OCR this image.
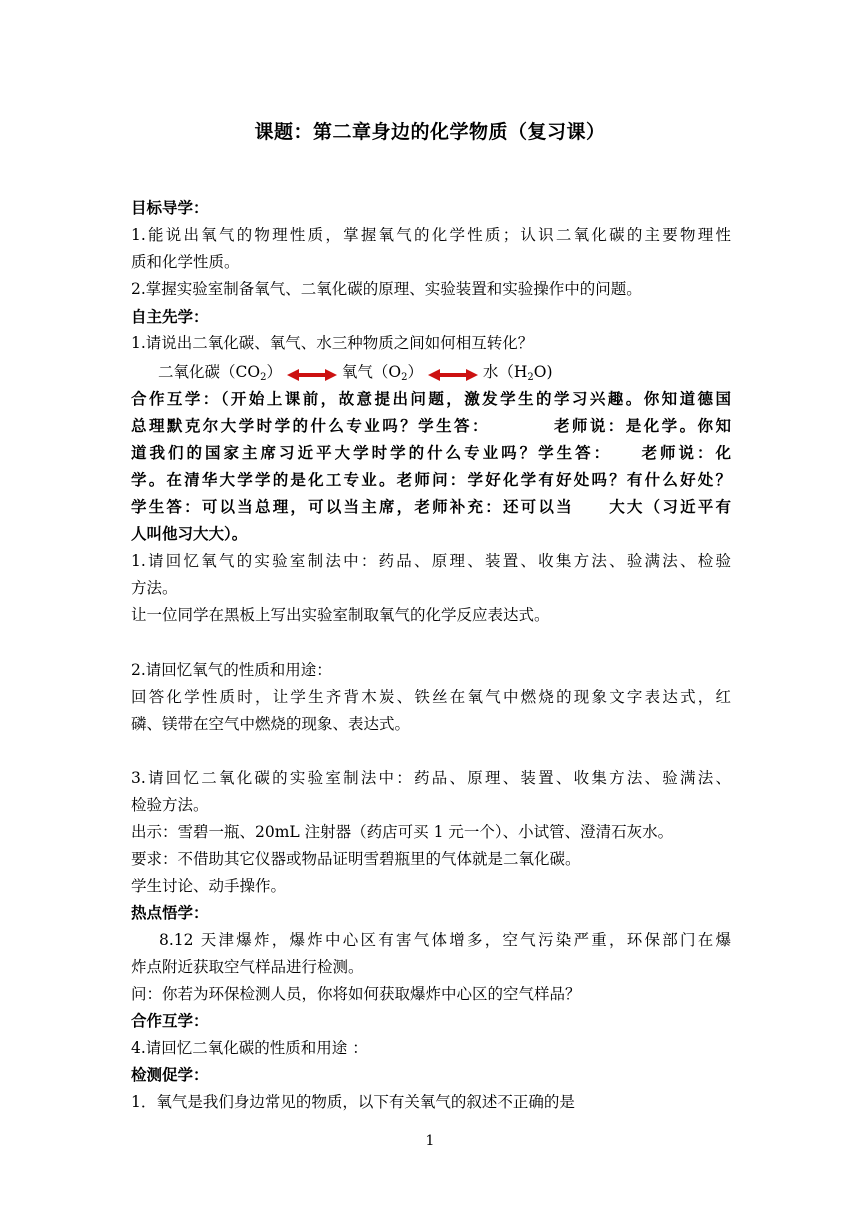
课题：第二章身边的化学物质（复习课）
目标导学：
1.能说出氧气的物理性质，掌握氧气的化学性质；认识二氧化碳的主要物理性
质和化学性质。
2.掌握实验室制备氧气、二氧化碳的原理、实验装置和实验操作中的问题。
自主先学：
1.请说出二氧化碳、氧气、水三种物质之间如何相互转化？
二氧化碳$(CO_2)$	氧气$(O_2)$	水$(H_2O)$
合作互学：（开始上课前，故意提出问题，激发学生的学习兴趣。你知道德国
总理默克尔大学时学的什么专业吗？学生答：　　　　老师说：是化学。你知
道我们的国家主席习近平大学时学的什么专业吗？学生答：　　老师说：化
学。在清华大学学的是化工专业。老师问：学好化学有好处吗？有什么好处？
学生答：可以当总理，可以当主席，老师补充：还可以当　　大大（习近平有
人叫他习大大）。
1.请回忆氧气的实验室制法中：药品、原理、装置、收集方法、验满法、检验
方法。
让一位同学在黑板上写出实验室制取氧气的化学反应表达式。
2.请回忆氧气的性质和用途：
回答化学性质时，让学生齐背木炭、铁丝在氧气中燃烧的现象文字表达式，红
磷、镁带在空气中燃烧的现象、表达式。
3.请回忆二氧化碳的实验室制法中：药品、原理、装置、收集方法、验满法、
检验方法。
出示：雪碧一瓶、20mL 注射器（药店可买 1 元一个）、小试管、澄清石灰水。
要求：不借助其它仪器或物品证明雪碧瓶里的气体就是二氧化碳。
学生讨论、动手操作。
热点悟学：
8.12 天津爆炸，爆炸中心区有害气体增多，空气污染严重，环保部门在爆
炸点附近获取空气样品进行检测。
问：你若为环保检测人员，你将如何获取爆炸中心区的空气样品？
合作互学：
4.请回忆二氧化碳的性质和用途 ：
检测促学：
1．氧气是我们身边常见的物质，以下有关氧气的叙述不正确的是
1
